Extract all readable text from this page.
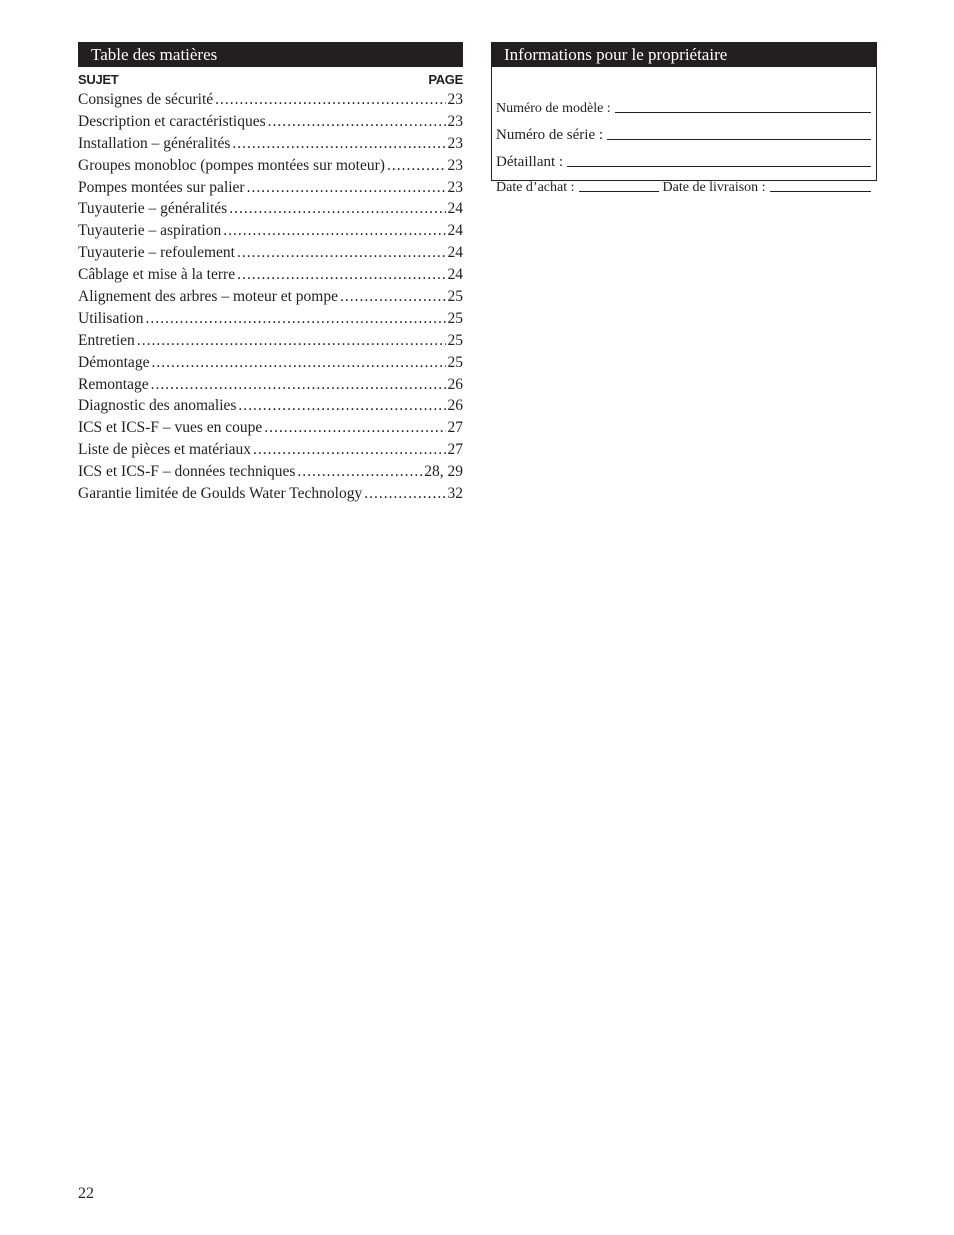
Table des matières
SUJET	PAGE
Consignes de sécurité .....	23
Description et caractéristiques .....	23
Installation – généralités .....	23
Groupes monobloc (pompes montées sur moteur) .....	23
Pompes montées sur palier .....	23
Tuyauterie – généralités .....	24
Tuyauterie – aspiration .....	24
Tuyauterie – refoulement .....	24
Câblage et mise à la terre .....	24
Alignement des arbres – moteur et pompe .....	25
Utilisation .....	25
Entretien .....	25
Démontage .....	25
Remontage .....	26
Diagnostic des anomalies .....	26
ICS et ICS-F – vues en coupe .....	27
Liste de pièces et matériaux .....	27
ICS et ICS-F – données techniques .....	28, 29
Garantie limitée de Goulds Water Technology .....	32
Informations pour le propriétaire
Numéro de modèle :
Numéro de série :
Détaillant :
Date d’achat :	Date de livraison :
22
